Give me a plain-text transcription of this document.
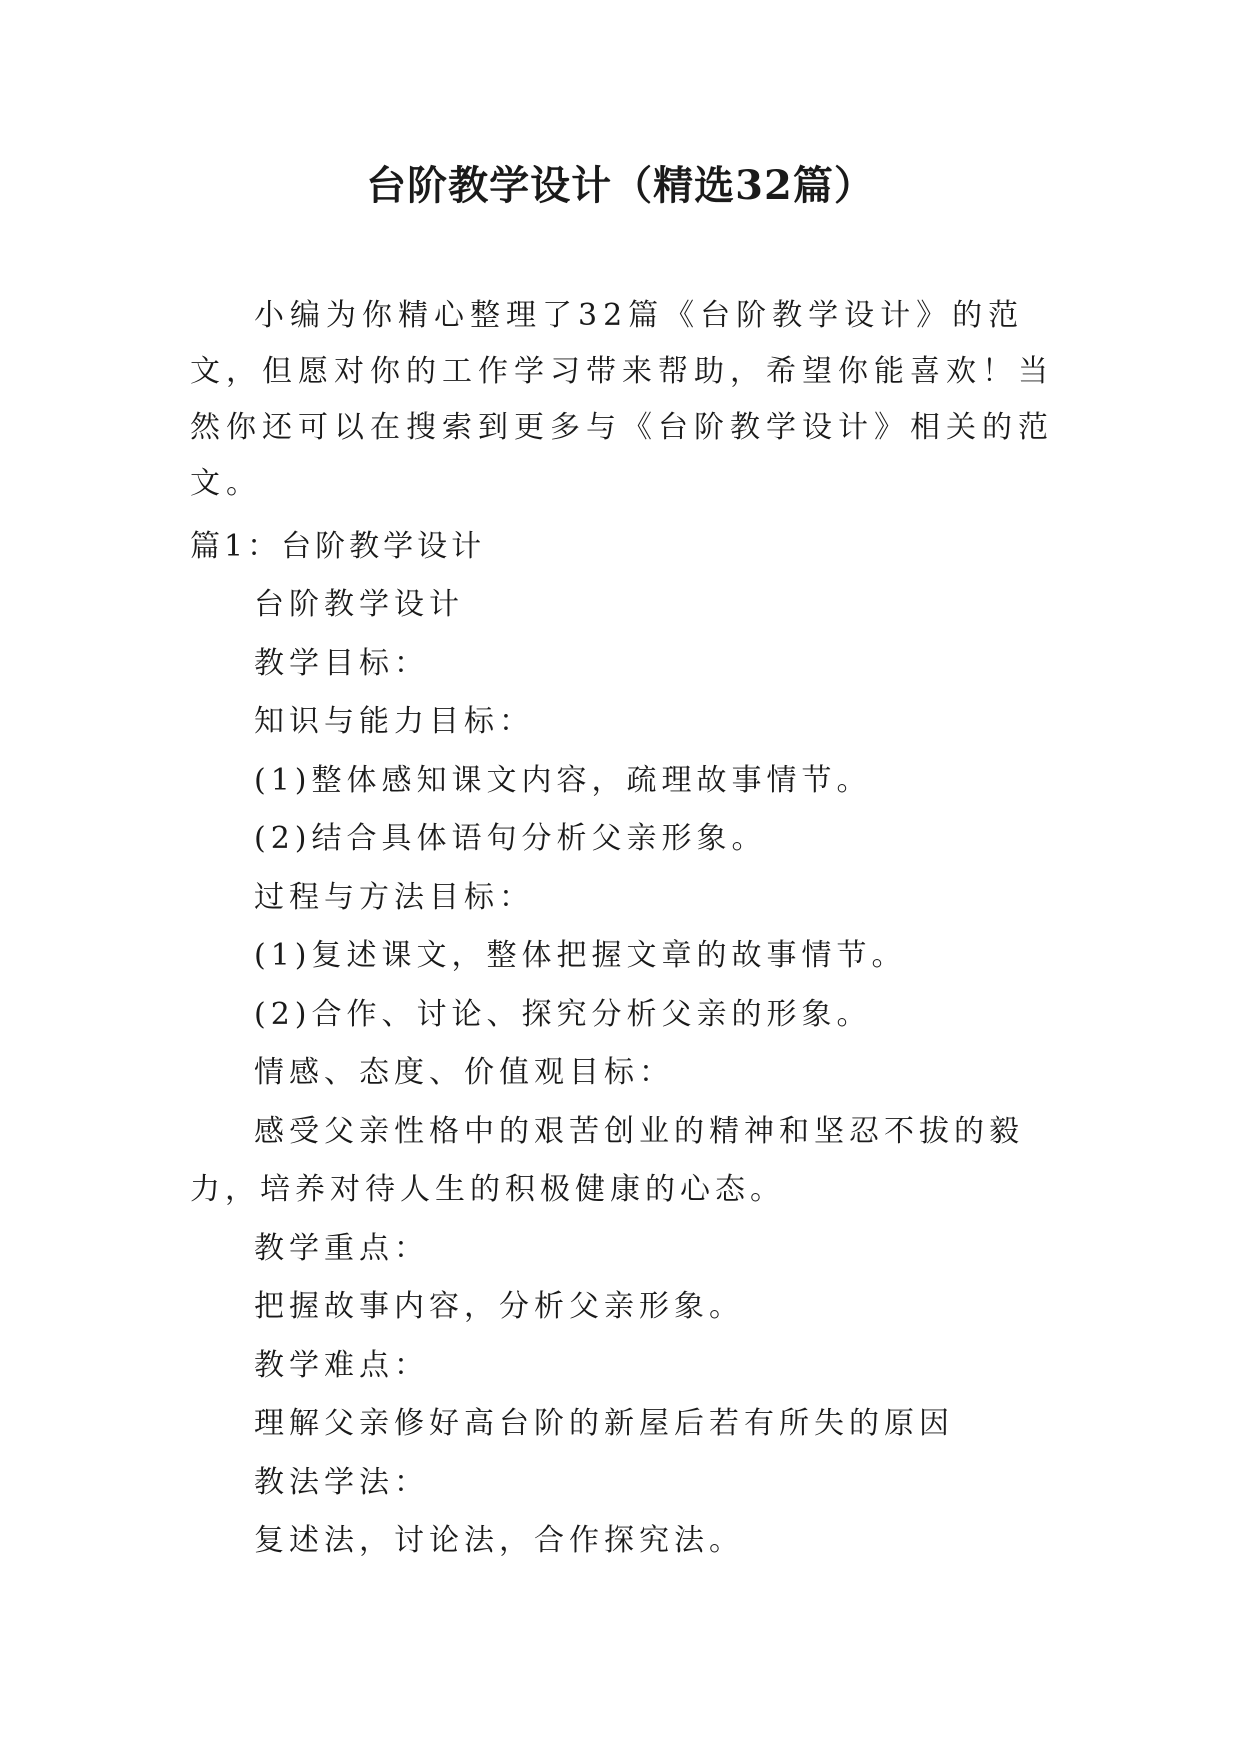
台阶教学设计（精选32篇）
小编为你精心整理了32篇《台阶教学设计》的范文，但愿对你的工作学习带来帮助，希望你能喜欢！当然你还可以在搜索到更多与《台阶教学设计》相关的范文。
篇1：台阶教学设计

台阶教学设计

教学目标：

知识与能力目标：

(1)整体感知课文内容，疏理故事情节。

(2)结合具体语句分析父亲形象。

过程与方法目标：

(1)复述课文，整体把握文章的故事情节。

(2)合作、讨论、探究分析父亲的形象。

情感、态度、价值观目标：

感受父亲性格中的艰苦创业的精神和坚忍不拔的毅力，培养对待人生的积极健康的心态。

教学重点：

把握故事内容，分析父亲形象。

教学难点：

理解父亲修好高台阶的新屋后若有所失的原因

教法学法：

复述法，讨论法，合作探究法。
